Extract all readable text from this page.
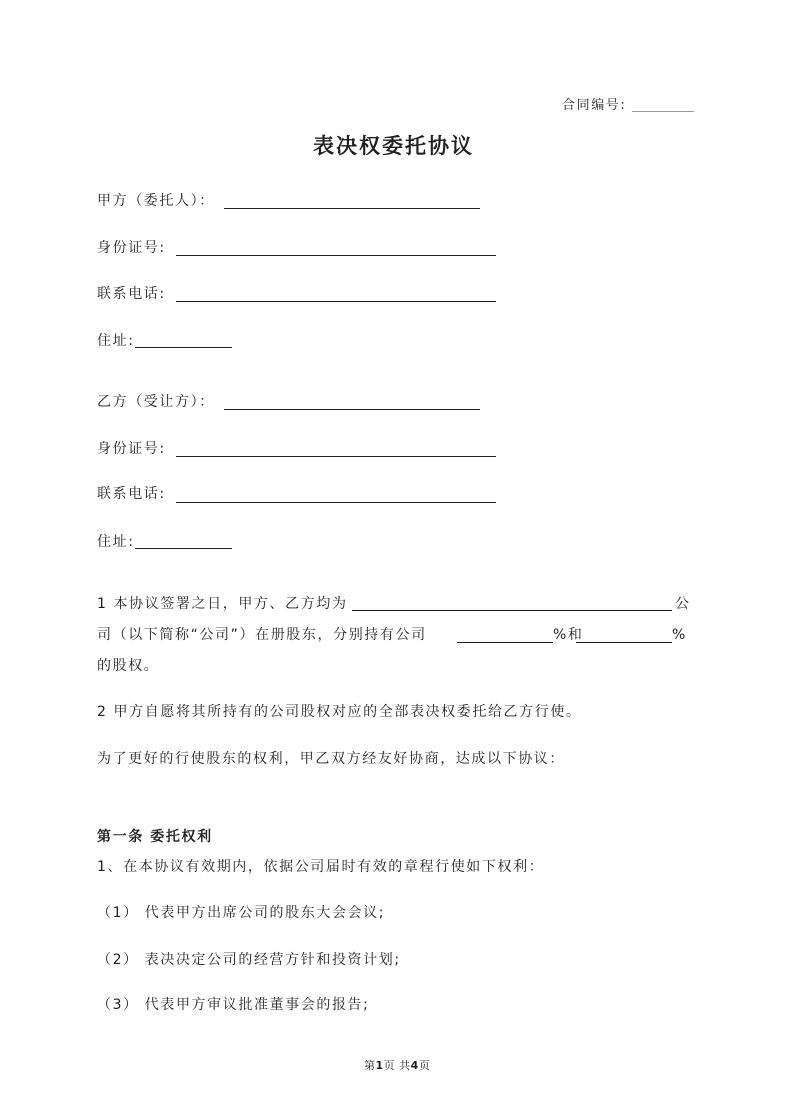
合同编号:
表决权委托协议
甲方（委托人）：
身份证号:
联系电话:
住址:
乙方（受让方）：
身份证号:
联系电话:
住址:
1 本协议签署之日，甲方、乙方均为	公
司（以下简称“公司”）在册股东，分别持有公司	%和	%
的股权。
2 甲方自愿将其所持有的公司股权对应的全部表决权委托给乙方行使。
为了更好的行使股东的权利，甲乙双方经友好协商，达成以下协议：
第一条 委托权利
1、在本协议有效期内，依据公司届时有效的章程行使如下权利：
（1） 代表甲方出席公司的股东大会会议;
（2） 表决决定公司的经营方针和投资计划;
（3） 代表甲方审议批准董事会的报告;
第1页 共4页
